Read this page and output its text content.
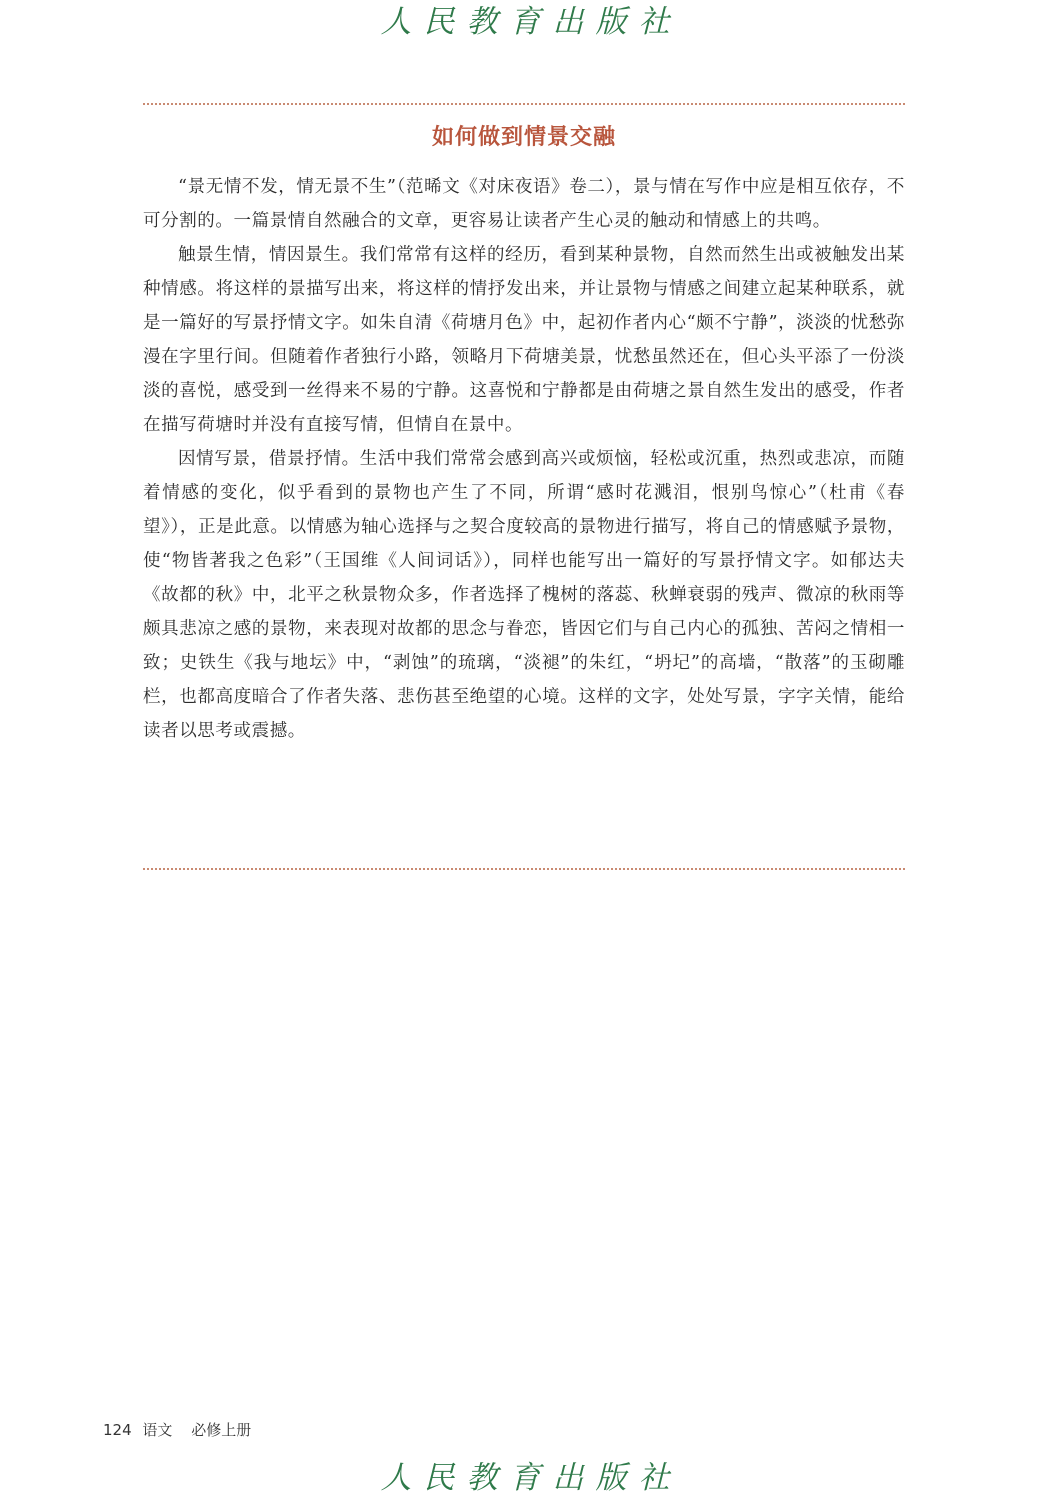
人民教育出版社
如何做到情景交融

“景无情不发，情无景不生”（范晞文《对床夜语》卷二），景与情在写作中应是相互依存，不可分割的。一篇景情自然融合的文章，更容易让读者产生心灵的触动和情感上的共鸣。

触景生情，情因景生。我们常常有这样的经历，看到某种景物，自然而然生出或被触发出某种情感。将这样的景描写出来，将这样的情抒发出来，并让景物与情感之间建立起某种联系，就是一篇好的写景抒情文字。如朱自清《荷塘月色》中，起初作者内心“颇不宁静”，淡淡的忧愁弥漫在字里行间。但随着作者独行小路，领略月下荷塘美景，忧愁虽然还在，但心头平添了一份淡淡的喜悦，感受到一丝得来不易的宁静。这喜悦和宁静都是由荷塘之景自然生发出的感受，作者在描写荷塘时并没有直接写情，但情自在景中。

因情写景，借景抒情。生活中我们常常会感到高兴或烦恼，轻松或沉重，热烈或悲凉，而随着情感的变化，似乎看到的景物也产生了不同，所谓“感时花溅泪，恨别鸟惊心”（杜甫《春望》），正是此意。以情感为轴心选择与之契合度较高的景物进行描写，将自己的情感赋予景物，使“物皆著我之色彩”（王国维《人间词话》），同样也能写出一篇好的写景抒情文字。如郁达夫《故都的秋》中，北平之秋景物众多，作者选择了槐树的落蕊、秋蝉衰弱的残声、微凉的秋雨等颇具悲凉之感的景物，来表现对故都的思念与眷恋，皆因它们与自己内心的孤独、苦闷之情相一致；史铁生《我与地坛》中，“剥蚀”的琉璃，“淡褪”的朱红，“坍圮”的高墙，“散落”的玉砌雕栏，也都高度暗合了作者失落、悲伤甚至绝望的心境。这样的文字，处处写景，字字关情，能给读者以思考或震撼。

124 语文 必修上册
人民教育出版社
